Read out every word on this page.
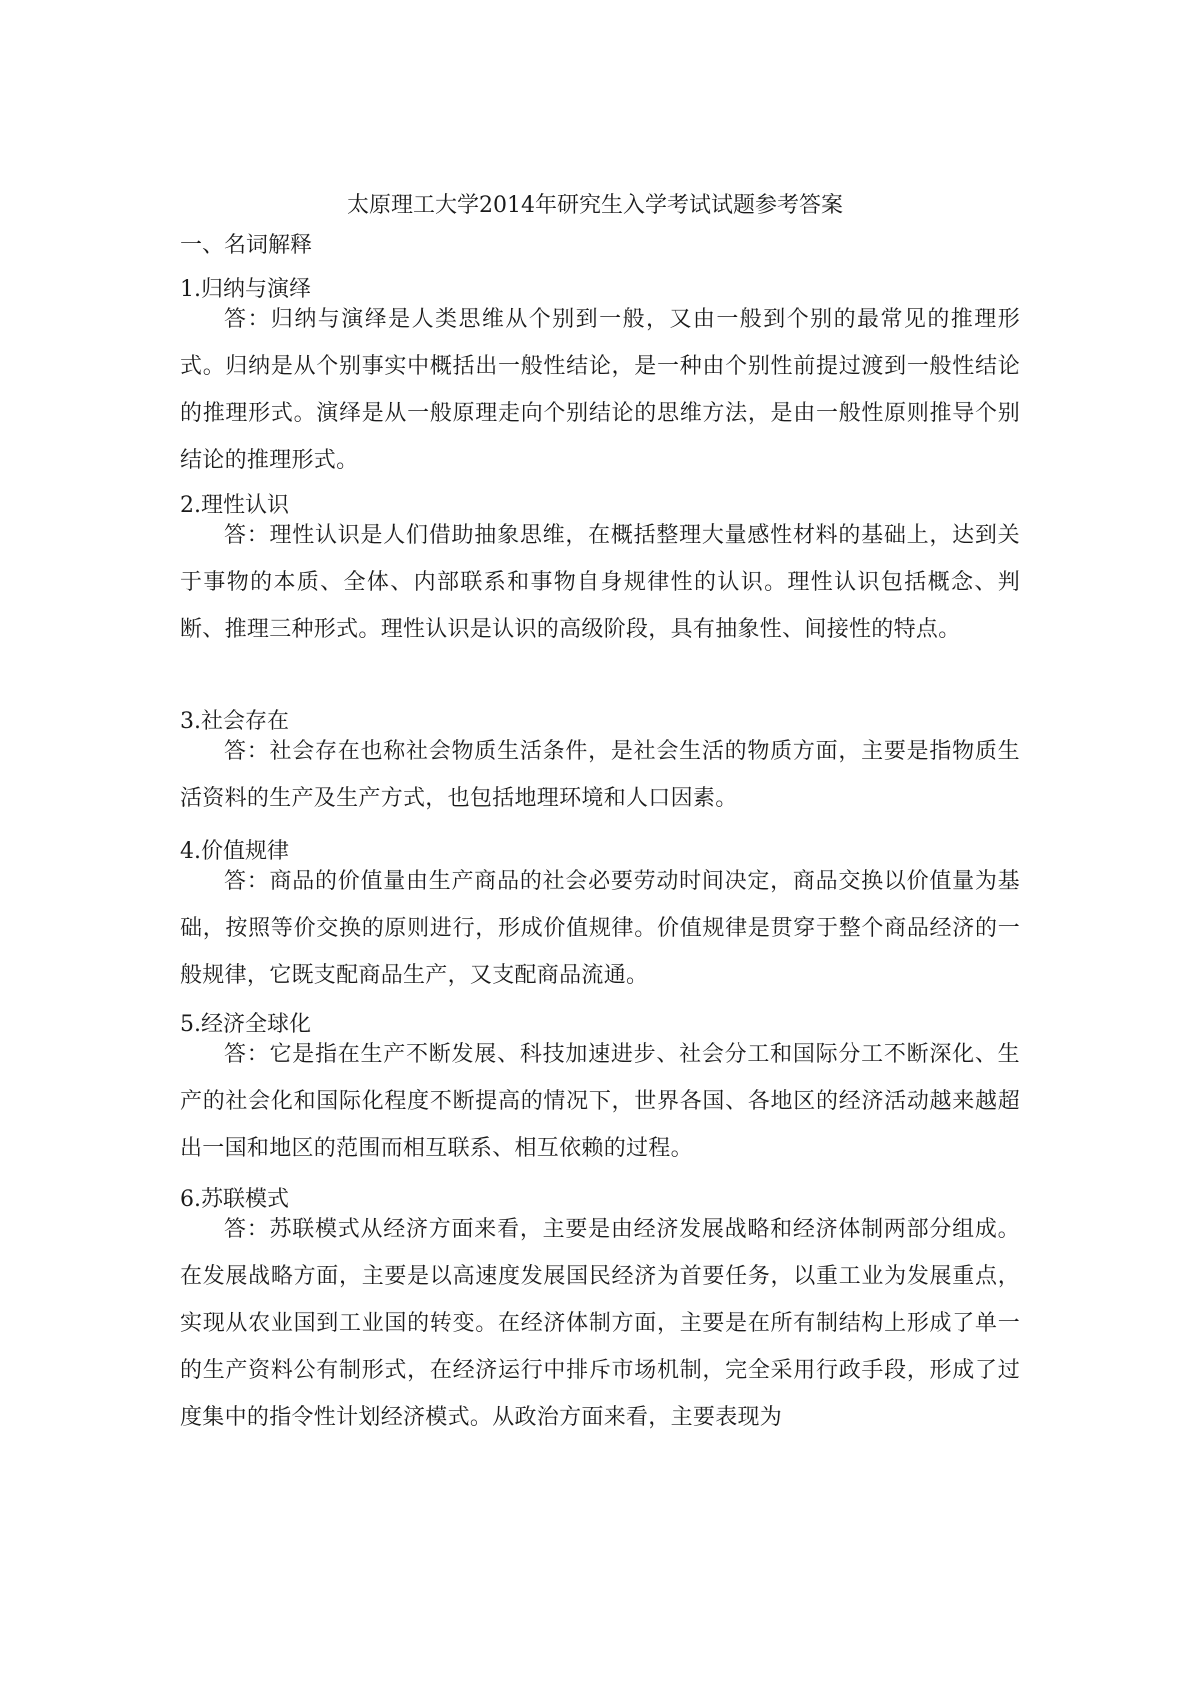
太原理工大学2014年研究生入学考试试题参考答案

一、名词解释

1.归纳与演绎

答：归纳与演绎是人类思维从个别到一般，又由一般到个别的最常见的推理形式。归纳是从个别事实中概括出一般性结论，是一种由个别性前提过渡到一般性结论的推理形式。演绎是从一般原理走向个别结论的思维方法，是由一般性原则推导个别结论的推理形式。

2.理性认识

答：理性认识是人们借助抽象思维，在概括整理大量感性材料的基础上，达到关于事物的本质、全体、内部联系和事物自身规律性的认识。理性认识包括概念、判断、推理三种形式。理性认识是认识的高级阶段，具有抽象性、间接性的特点。

3.社会存在

答：社会存在也称社会物质生活条件，是社会生活的物质方面，主要是指物质生活资料的生产及生产方式，也包括地理环境和人口因素。

4.价值规律

答：商品的价值量由生产商品的社会必要劳动时间决定，商品交换以价值量为基础，按照等价交换的原则进行，形成价值规律。价值规律是贯穿于整个商品经济的一般规律，它既支配商品生产，又支配商品流通。

5.经济全球化

答：它是指在生产不断发展、科技加速进步、社会分工和国际分工不断深化、生产的社会化和国际化程度不断提高的情况下，世界各国、各地区的经济活动越来越超出一国和地区的范围而相互联系、相互依赖的过程。

6.苏联模式

答：苏联模式从经济方面来看，主要是由经济发展战略和经济体制两部分组成。在发展战略方面，主要是以高速度发展国民经济为首要任务，以重工业为发展重点，实现从农业国到工业国的转变。在经济体制方面，主要是在所有制结构上形成了单一的生产资料公有制形式，在经济运行中排斥市场机制，完全采用行政手段，形成了过度集中的指令性计划经济模式。从政治方面来看，主要表现为
